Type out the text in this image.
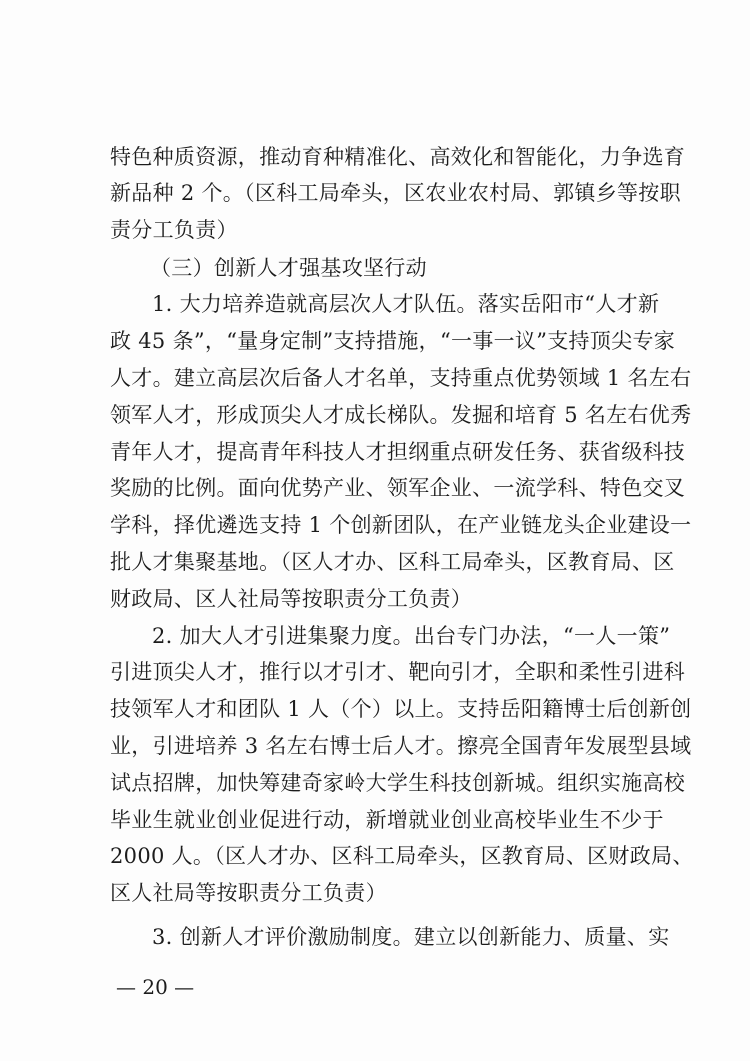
特色种质资源，推动育种精准化、高效化和智能化，力争选育
新品种 2 个。（区科工局牵头，区农业农村局、郭镇乡等按职
责分工负责）
（三）创新人才强基攻坚行动
1. 大力培养造就高层次人才队伍。落实岳阳市“人才新
政 45 条”，“量身定制”支持措施，“一事一议”支持顶尖专家
人才。建立高层次后备人才名单，支持重点优势领域 1 名左右
领军人才，形成顶尖人才成长梯队。发掘和培育 5 名左右优秀
青年人才，提高青年科技人才担纲重点研发任务、获省级科技
奖励的比例。面向优势产业、领军企业、一流学科、特色交叉
学科，择优遴选支持 1 个创新团队，在产业链龙头企业建设一
批人才集聚基地。（区人才办、区科工局牵头，区教育局、区
财政局、区人社局等按职责分工负责）
2. 加大人才引进集聚力度。出台专门办法，“一人一策”
引进顶尖人才，推行以才引才、靶向引才，全职和柔性引进科
技领军人才和团队 1 人（个）以上。支持岳阳籍博士后创新创
业，引进培养 3 名左右博士后人才。擦亮全国青年发展型县域
试点招牌，加快筹建奇家岭大学生科技创新城。组织实施高校
毕业生就业创业促进行动，新增就业创业高校毕业生不少于
2000 人。（区人才办、区科工局牵头，区教育局、区财政局、
区人社局等按职责分工负责）
3. 创新人才评价激励制度。建立以创新能力、质量、实
— 20 —
